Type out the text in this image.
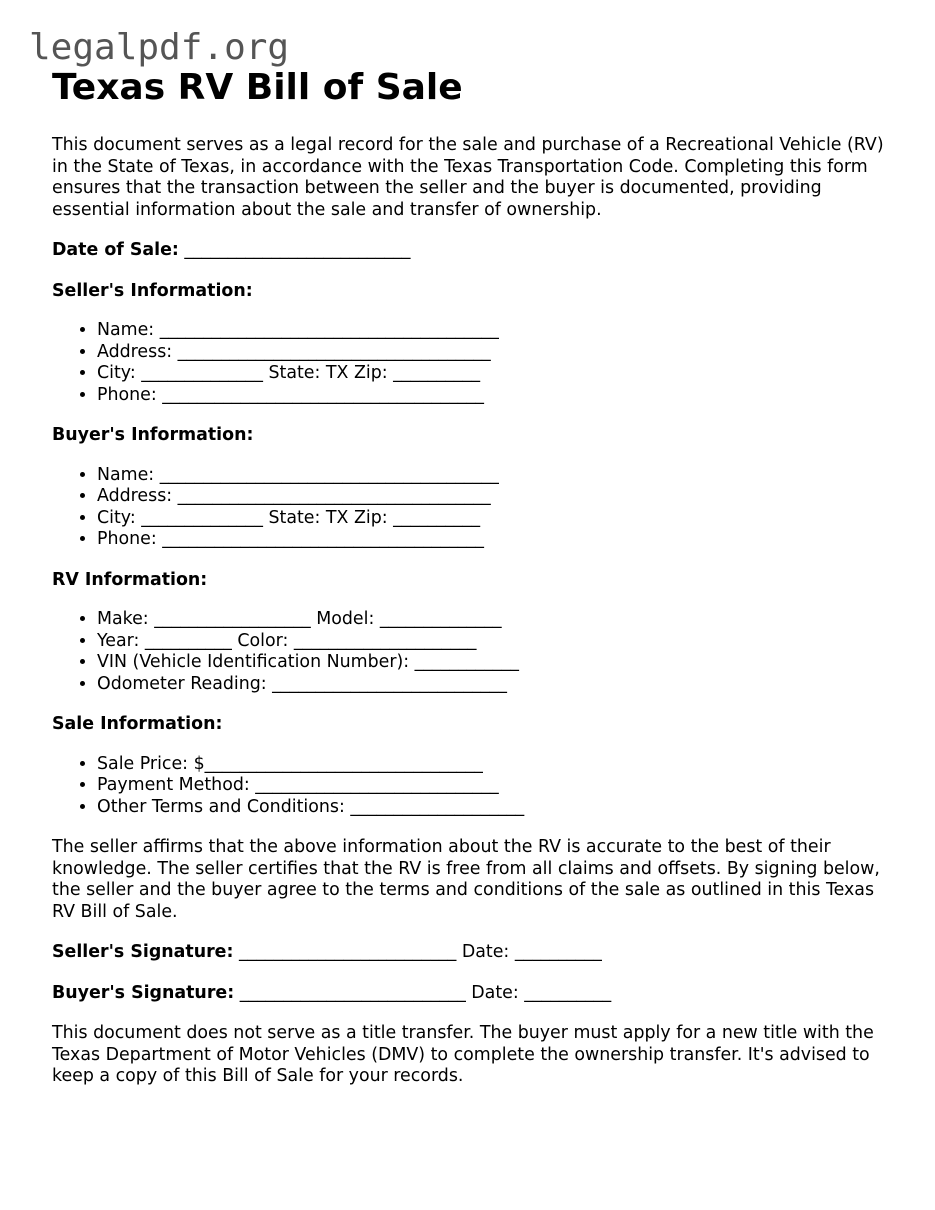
legalpdf.org
Texas RV Bill of Sale

This document serves as a legal record for the sale and purchase of a Recreational Vehicle (RV) in the State of Texas, in accordance with the Texas Transportation Code. Completing this form ensures that the transaction between the seller and the buyer is documented, providing essential information about the sale and transfer of ownership.

Date of Sale: __________________________

Seller's Information:

• Name: _______________________________________
• Address: ____________________________________
• City: ______________ State: TX Zip: __________
• Phone: _____________________________________

Buyer's Information:

• Name: _______________________________________
• Address: ____________________________________
• City: ______________ State: TX Zip: __________
• Phone: _____________________________________

RV Information:

• Make: __________________ Model: ______________
• Year: __________ Color: _____________________
• VIN (Vehicle Identification Number): ____________
• Odometer Reading: ___________________________

Sale Information:

• Sale Price: $________________________________
• Payment Method: ____________________________
• Other Terms and Conditions: ____________________

The seller affirms that the above information about the RV is accurate to the best of their knowledge. The seller certifies that the RV is free from all claims and offsets. By signing below, the seller and the buyer agree to the terms and conditions of the sale as outlined in this Texas RV Bill of Sale.

Seller's Signature: _________________________ Date: __________

Buyer's Signature: __________________________ Date: __________

This document does not serve as a title transfer. The buyer must apply for a new title with the Texas Department of Motor Vehicles (DMV) to complete the ownership transfer. It's advised to keep a copy of this Bill of Sale for your records.
